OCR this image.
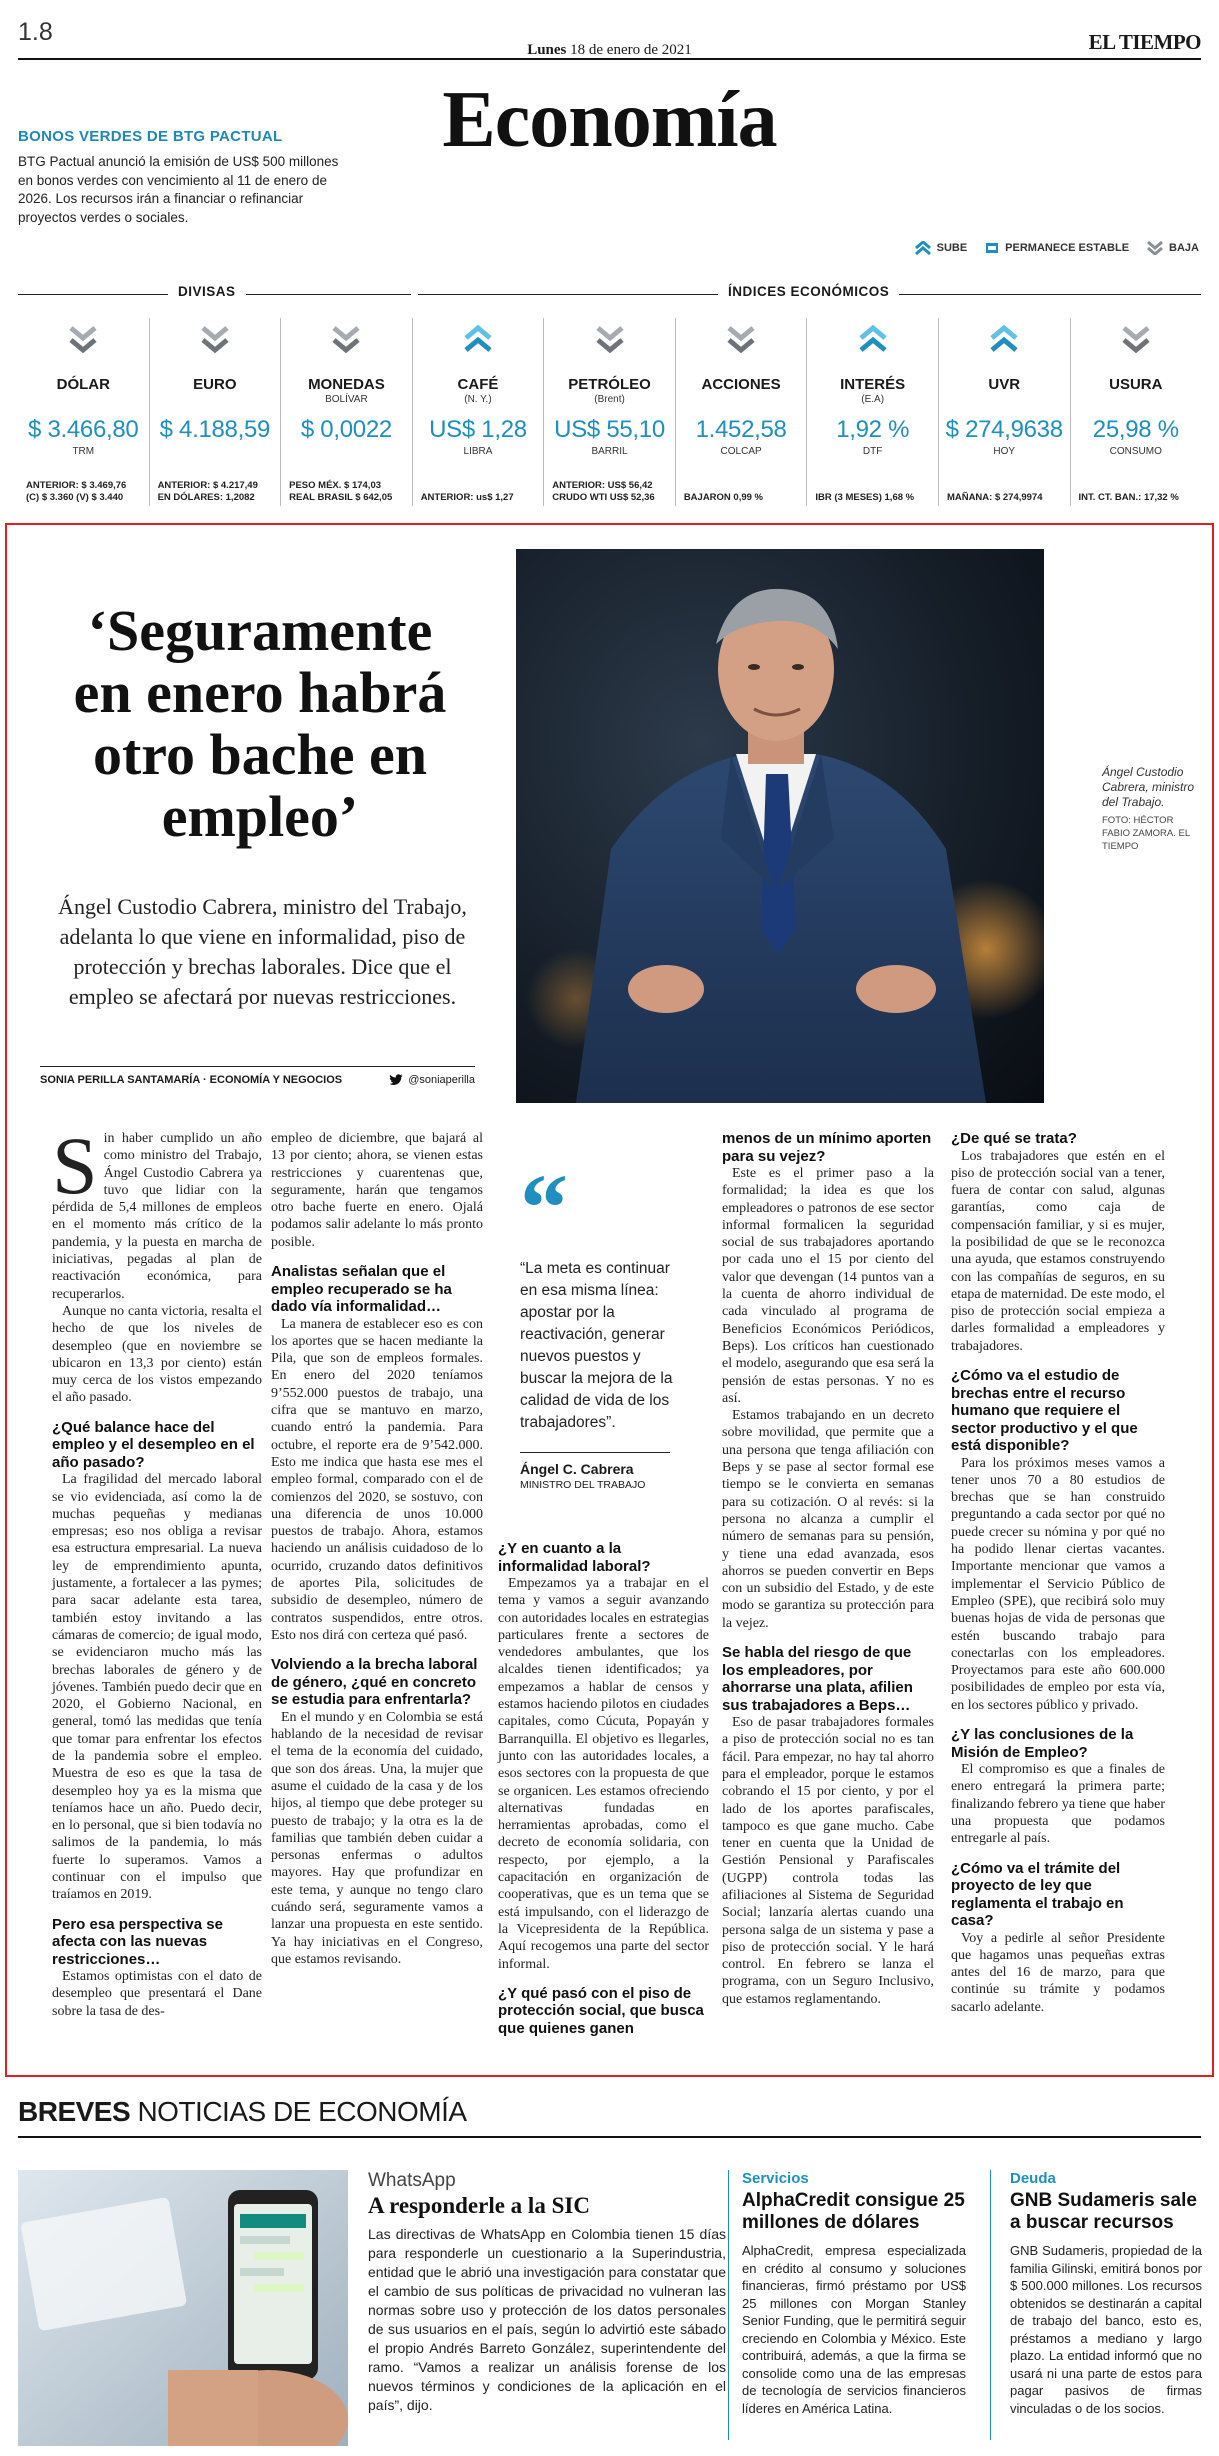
1.8
Lunes 18 de enero de 2021	EL TIEMPO
Economía
BONOS VERDES DE BTG PACTUAL
BTG Pactual anunció la emisión de US$ 500 millones en bonos verdes con vencimiento al 11 de enero de 2026. Los recursos irán a financiar o refinanciar proyectos verdes o sociales.
SUBE	PERMANECE ESTABLE	BAJA
DIVISAS	ÍNDICES ECONÓMICOS
DÓLAR
$ 3.466,80
TRM
ANTERIOR: $ 3.469,76
(C) $ 3.360 (V) $ 3.440
EURO
$ 4.188,59
ANTERIOR: $ 4.217,49
EN DÓLARES: 1,2082
MONEDAS
BOLÍVAR
$ 0,0022
PESO MÉX. $ 174,03
REAL BRASIL $ 642,05
CAFÉ
(N. Y.)
US$ 1,28
LIBRA
ANTERIOR: us$ 1,27

PETRÓLEO
(Brent)
US$ 55,10
BARRIL
ANTERIOR: US$ 56,42
CRUDO WTI US$ 52,36
ACCIONES
1.452,58
COLCAP
BAJARON 0,99 %

INTERÉS
(E.A)
1,92 %
DTF
IBR (3 MESES) 1,68 %

UVR
$ 274,9638
HOY
MAÑANA: $ 274,9974

USURA
25,98 %
CONSUMO
INT. CT. BAN.: 17,32 %

‘Seguramente en enero habrá otro bache en empleo’
Ángel Custodio Cabrera, ministro del Trabajo, adelanta lo que viene en informalidad, piso de protección y brechas laborales. Dice que el empleo se afectará por nuevas restricciones.
SONIA PERILLA SANTAMARÍA · ECONOMÍA Y NEGOCIOS	@soniaperilla
Ángel Custodio Cabrera, ministro del Trabajo.
FOTO: HÉCTOR FABIO ZAMORA. EL TIEMPO

Sin haber cumplido un año como ministro del Trabajo, Ángel Custodio Cabrera ya tuvo que lidiar con la pérdida de 5,4 millones de empleos en el momento más crítico de la pandemia, y la puesta en marcha de iniciativas, pegadas al plan de reactivación económica, para recuperarlos.

Aunque no canta victoria, resalta el hecho de que los niveles de desempleo (que en noviembre se ubicaron en 13,3 por ciento) están muy cerca de los vistos empezando el año pasado.

¿Qué balance hace del empleo y el desempleo en el año pasado?

La fragilidad del mercado laboral se vio evidenciada, así como la de muchas pequeñas y medianas empresas; eso nos obliga a revisar esa estructura empresarial. La nueva ley de emprendimiento apunta, justamente, a fortalecer a las pymes; para sacar adelante esta tarea, también estoy invitando a las cámaras de comercio; de igual modo, se evidenciaron mucho más las brechas laborales de género y de jóvenes. También puedo decir que en 2020, el Gobierno Nacional, en general, tomó las medidas que tenía que tomar para enfrentar los efectos de la pandemia sobre el empleo. Muestra de eso es que la tasa de desempleo hoy ya es la misma que teníamos hace un año. Puedo decir, en lo personal, que si bien todavía no salimos de la pandemia, lo más fuerte lo superamos. Vamos a continuar con el impulso que traíamos en 2019.

Pero esa perspectiva se afecta con las nuevas restricciones…

Estamos optimistas con el dato de desempleo que presentará el Dane sobre la tasa de des-

empleo de diciembre, que bajará al 13 por ciento; ahora, se vienen estas restricciones y cuarentenas que, seguramente, harán que tengamos otro bache fuerte en enero. Ojalá podamos salir adelante lo más pronto posible.

Analistas señalan que el empleo recuperado se ha dado vía informalidad…

La manera de establecer eso es con los aportes que se hacen mediante la Pila, que son de empleos formales. En enero del 2020 teníamos 9’552.000 puestos de trabajo, una cifra que se mantuvo en marzo, cuando entró la pandemia. Para octubre, el reporte era de 9’542.000. Esto me indica que hasta ese mes el empleo formal, comparado con el de comienzos del 2020, se sostuvo, con una diferencia de unos 10.000 puestos de trabajo. Ahora, estamos haciendo un análisis cuidadoso de lo ocurrido, cruzando datos definitivos de aportes Pila, solicitudes de subsidio de desempleo, número de contratos suspendidos, entre otros. Esto nos dirá con certeza qué pasó.

Volviendo a la brecha laboral de género, ¿qué en concreto se estudia para enfrentarla?

En el mundo y en Colombia se está hablando de la necesidad de revisar el tema de la economía del cuidado, que son dos áreas. Una, la mujer que asume el cuidado de la casa y de los hijos, al tiempo que debe proteger su puesto de trabajo; y la otra es la de familias que también deben cuidar a personas enfermas o adultos mayores. Hay que profundizar en este tema, y aunque no tengo claro cuándo será, seguramente vamos a lanzar una propuesta en este sentido. Ya hay iniciativas en el Congreso, que estamos revisando.

“
“La meta es continuar en esa misma línea: apostar por la reactivación, generar nuevos puestos y buscar la mejora de la calidad de vida de los trabajadores”.
Ángel C. Cabrera
MINISTRO DEL TRABAJO
¿Y en cuanto a la informalidad laboral?

Empezamos ya a trabajar en el tema y vamos a seguir avanzando con autoridades locales en estrategias particulares frente a sectores de vendedores ambulantes, que los alcaldes tienen identificados; ya empezamos a hablar de censos y estamos haciendo pilotos en ciudades capitales, como Cúcuta, Popayán y Barranquilla. El objetivo es llegarles, junto con las autoridades locales, a esos sectores con la propuesta de que se organicen. Les estamos ofreciendo alternativas fundadas en herramientas aprobadas, como el decreto de economía solidaria, con respecto, por ejemplo, a la capacitación en organización de cooperativas, que es un tema que se está impulsando, con el liderazgo de la Vicepresidenta de la República. Aquí recogemos una parte del sector informal.

¿Y qué pasó con el piso de protección social, que busca que quienes ganen
menos de un mínimo aporten para su vejez?

Este es el primer paso a la formalidad; la idea es que los empleadores o patronos de ese sector informal formalicen la seguridad social de sus trabajadores aportando por cada uno el 15 por ciento del valor que devengan (14 puntos van a la cuenta de ahorro individual de cada vinculado al programa de Beneficios Económicos Periódicos, Beps). Los críticos han cuestionado el modelo, asegurando que esa será la pensión de estas personas. Y no es así.

Estamos trabajando en un decreto sobre movilidad, que permite que a una persona que tenga afiliación con Beps y se pase al sector formal ese tiempo se le convierta en semanas para su cotización. O al revés: si la persona no alcanza a cumplir el número de semanas para su pensión, y tiene una edad avanzada, esos ahorros se pueden convertir en Beps con un subsidio del Estado, y de este modo se garantiza su protección para la vejez.

Se habla del riesgo de que los empleadores, por ahorrarse una plata, afilien sus trabajadores a Beps…

Eso de pasar trabajadores formales a piso de protección social no es tan fácil. Para empezar, no hay tal ahorro para el empleador, porque le estamos cobrando el 15 por ciento, y por el lado de los aportes parafiscales, tampoco es que gane mucho. Cabe tener en cuenta que la Unidad de Gestión Pensional y Parafiscales (UGPP) controla todas las afiliaciones al Sistema de Seguridad Social; lanzaría alertas cuando una persona salga de un sistema y pase a piso de protección social. Y le hará control. En febrero se lanza el programa, con un Seguro Inclusivo, que estamos reglamentando.

¿De qué se trata?

Los trabajadores que estén en el piso de protección social van a tener, fuera de contar con salud, algunas garantías, como caja de compensación familiar, y si es mujer, la posibilidad de que se le reconozca una ayuda, que estamos construyendo con las compañías de seguros, en su etapa de maternidad. De este modo, el piso de protección social empieza a darles formalidad a empleadores y trabajadores.

¿Cómo va el estudio de brechas entre el recurso humano que requiere el sector productivo y el que está disponible?

Para los próximos meses vamos a tener unos 70 a 80 estudios de brechas que se han construido preguntando a cada sector por qué no puede crecer su nómina y por qué no ha podido llenar ciertas vacantes. Importante mencionar que vamos a implementar el Servicio Público de Empleo (SPE), que recibirá solo muy buenas hojas de vida de personas que estén buscando trabajo para conectarlas con los empleadores. Proyectamos para este año 600.000 posibilidades de empleo por esta vía, en los sectores público y privado.

¿Y las conclusiones de la Misión de Empleo?

El compromiso es que a finales de enero entregará la primera parte; finalizando febrero ya tiene que haber una propuesta que podamos entregarle al país.

¿Cómo va el trámite del proyecto de ley que reglamenta el trabajo en casa?

Voy a pedirle al señor Presidente que hagamos unas pequeñas extras antes del 16 de marzo, para que continúe su trámite y podamos sacarlo adelante.

BREVES NOTICIAS DE ECONOMÍA
WhatsApp
A responderle a la SIC
Las directivas de WhatsApp en Colombia tienen 15 días para responderle un cuestionario a la Superindustria, entidad que le abrió una investigación para constatar que el cambio de sus políticas de privacidad no vulneran las normas sobre uso y protección de los datos personales de sus usuarios en el país, según lo advirtió este sábado el propio Andrés Barreto González, superintendente del ramo. “Vamos a realizar un análisis forense de los nuevos términos y condiciones de la aplicación en el país”, dijo.
Servicios
AlphaCredit consigue 25 millones de dólares
AlphaCredit, empresa especializada en crédito al consumo y soluciones financieras, firmó préstamo por US$ 25 millones con Morgan Stanley Senior Funding, que le permitirá seguir creciendo en Colombia y México. Este contribuirá, además, a que la firma se consolide como una de las empresas de tecnología de servicios financieros líderes en América Latina.
Deuda
GNB Sudameris sale a buscar recursos
GNB Sudameris, propiedad de la familia Gilinski, emitirá bonos por $ 500.000 millones. Los recursos obtenidos se destinarán a capital de trabajo del banco, esto es, préstamos a mediano y largo plazo. La entidad informó que no usará ni una parte de estos para pagar pasivos de firmas vinculadas o de los socios.
